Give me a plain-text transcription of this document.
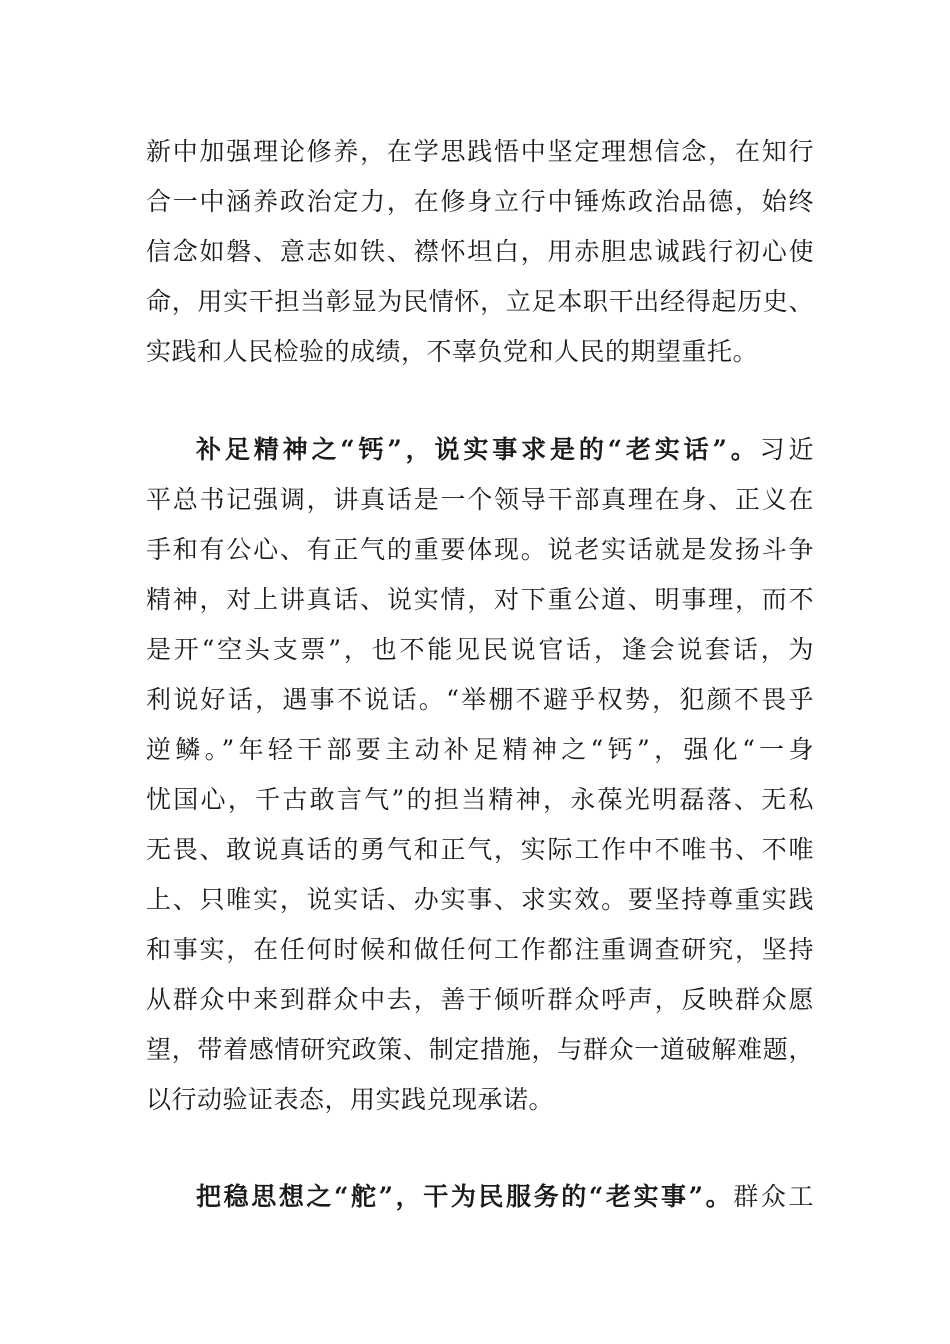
新中加强理论修养，在学思践悟中坚定理想信念，在知行
合一中涵养政治定力，在修身立行中锤炼政治品德，始终
信念如磐、意志如铁、襟怀坦白，用赤胆忠诚践行初心使
命，用实干担当彰显为民情怀，立足本职干出经得起历史、
实践和人民检验的成绩，不辜负党和人民的期望重托。
补足精神之“钙”，说实事求是的“老实话”。习近
平总书记强调，讲真话是一个领导干部真理在身、正义在
手和有公心、有正气的重要体现。说老实话就是发扬斗争
精神，对上讲真话、说实情，对下重公道、明事理，而不
是开“空头支票”，也不能见民说官话，逢会说套话，为
利说好话，遇事不说话。“举棚不避乎权势，犯颜不畏乎
逆鳞。”年轻干部要主动补足精神之“钙”，强化“一身
忧国心，千古敢言气”的担当精神，永葆光明磊落、无私
无畏、敢说真话的勇气和正气，实际工作中不唯书、不唯
上、只唯实，说实话、办实事、求实效。要坚持尊重实践
和事实，在任何时候和做任何工作都注重调查研究，坚持
从群众中来到群众中去，善于倾听群众呼声，反映群众愿
望，带着感情研究政策、制定措施，与群众一道破解难题，
以行动验证表态，用实践兑现承诺。
把稳思想之“舵”，干为民服务的“老实事”。群众工
